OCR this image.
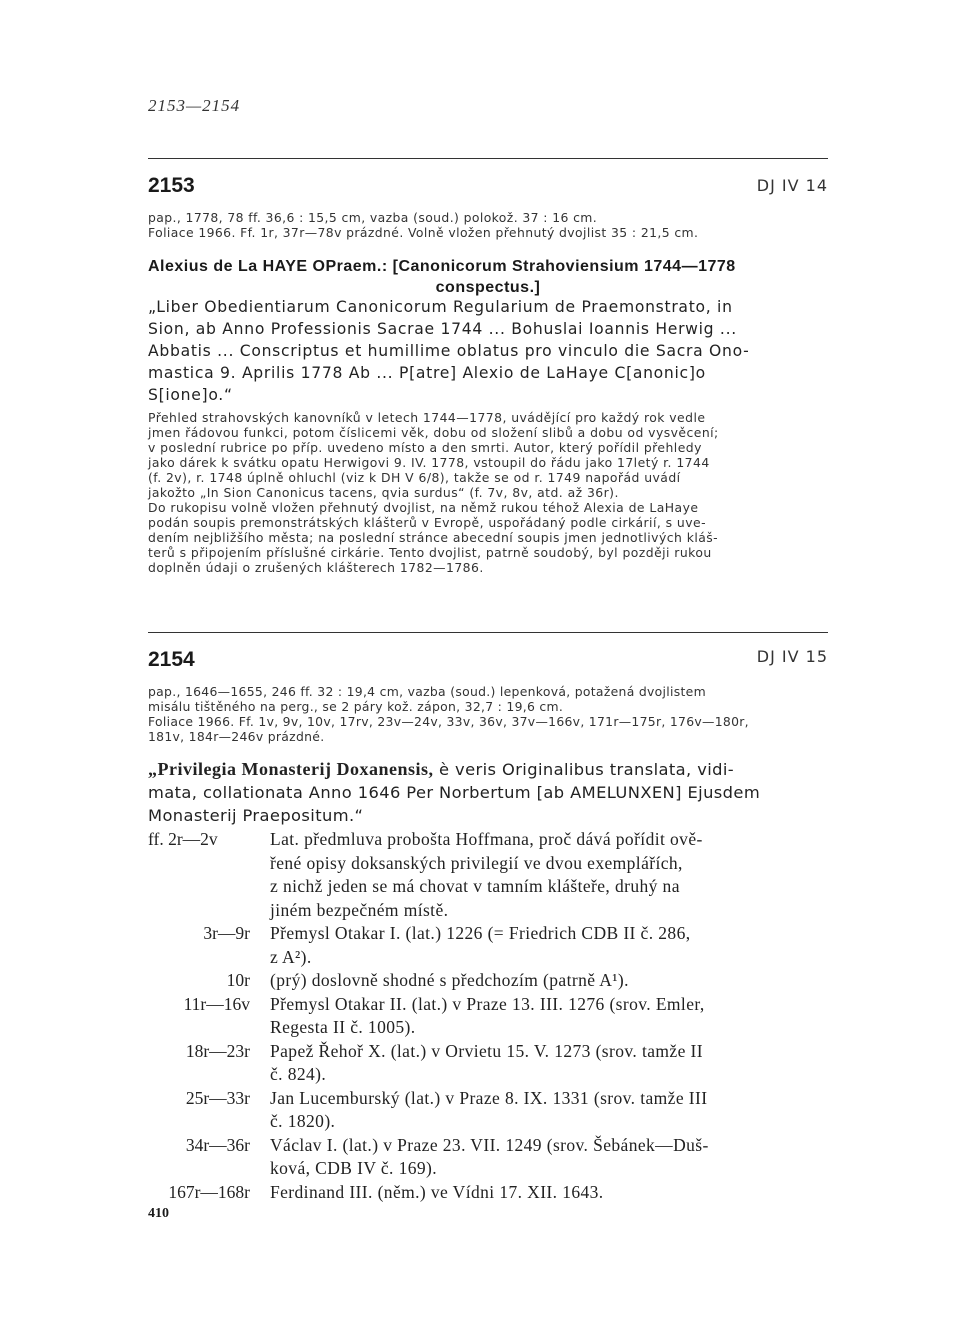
2153—2154
2153	DJ IV 14

pap., 1778, 78 ff. 36,6 : 15,5 cm, vazba (soud.) polokož. 37 : 16 cm.

Foliace 1966. Ff. 1r, 37r—78v prázdné. Volně vložen přehnutý dvojlist 35 : 21,5 cm.

Alexius de La HAYE OPraem.: [Canonicorum Strahoviensium 1744—1778
conspectus.]

„Liber Obedientiarum Canonicorum Regularium de Praemonstrato, in

Sion, ab Anno Professionis Sacrae 1744 ... Bohuslai Ioannis Herwig ...

Abbatis ... Conscriptus et humillime oblatus pro vinculo die Sacra Ono-

mastica 9. Aprilis 1778 Ab ... P[atre] Alexio de LaHaye C[anonic]o

S[ione]o.“

Přehled strahovských kanovníků v letech 1744—1778, uvádějící pro každý rok vedle

jmen řádovou funkci, potom číslicemi věk, dobu od složení slibů a dobu od vysvěcení;

v poslední rubrice po příp. uvedeno místo a den smrti. Autor, který pořídil přehledy

jako dárek k svátku opatu Herwigovi 9. IV. 1778, vstoupil do řádu jako 17letý r. 1744

(f. 2v), r. 1748 úplně ohluchl (viz k DH V 6/8), takže se od r. 1749 napořád uvádí

jakožto „In Sion Canonicus tacens, qvia surdus“ (f. 7v, 8v, atd. až 36r).

Do rukopisu volně vložen přehnutý dvojlist, na němž rukou téhož Alexia de LaHaye

podán soupis premonstrátských klášterů v Evropě, uspořádaný podle cirkárií, s uve-

dením nejbližšího města; na poslední stránce abecední soupis jmen jednotlivých kláš-

terů s připojením příslušné cirkárie. Tento dvojlist, patrně soudobý, byl později rukou

doplněn údaji o zrušených klášterech 1782—1786.

2154	DJ IV 15

pap., 1646—1655, 246 ff. 32 : 19,4 cm, vazba (soud.) lepenková, potažená dvojlistem

misálu tištěného na perg., se 2 páry kož. zápon, 32,7 : 19,6 cm.

Foliace 1966. Ff. 1v, 9v, 10v, 17rv, 23v—24v, 33v, 36v, 37v—166v, 171r—175r, 176v—180r,

181v, 184r—246v prázdné.

„Privilegia Monasterij Doxanensis, è veris Originalibus translata, vidi-
mata, collationata Anno 1646 Per Norbertum [ab AMELUNXEN] Ejusdem
Monasterij Praepositum.“
ff. 2r—2v	Lat. předmluva probošta Hoffmana, proč dává pořídit ově-
řené opisy doksanských privilegií ve dvou exemplářích,
z nichž jeden se má chovat v tamním klášteře, druhý na
jiném bezpečném místě.
3r—9r	Přemysl Otakar I. (lat.) 1226 (= Friedrich CDB II č. 286,
z A²).
10r	(prý) doslovně shodné s předchozím (patrně A¹).
11r—16v	Přemysl Otakar II. (lat.) v Praze 13. III. 1276 (srov. Emler,
Regesta II č. 1005).
18r—23r	Papež Řehoř X. (lat.) v Orvietu 15. V. 1273 (srov. tamže II
č. 824).
25r—33r	Jan Lucemburský (lat.) v Praze 8. IX. 1331 (srov. tamže III
č. 1820).
34r—36r	Václav I. (lat.) v Praze 23. VII. 1249 (srov. Šebánek—Duš-
ková, CDB IV č. 169).
167r—168r	Ferdinand III. (něm.) ve Vídni 17. XII. 1643.
410
